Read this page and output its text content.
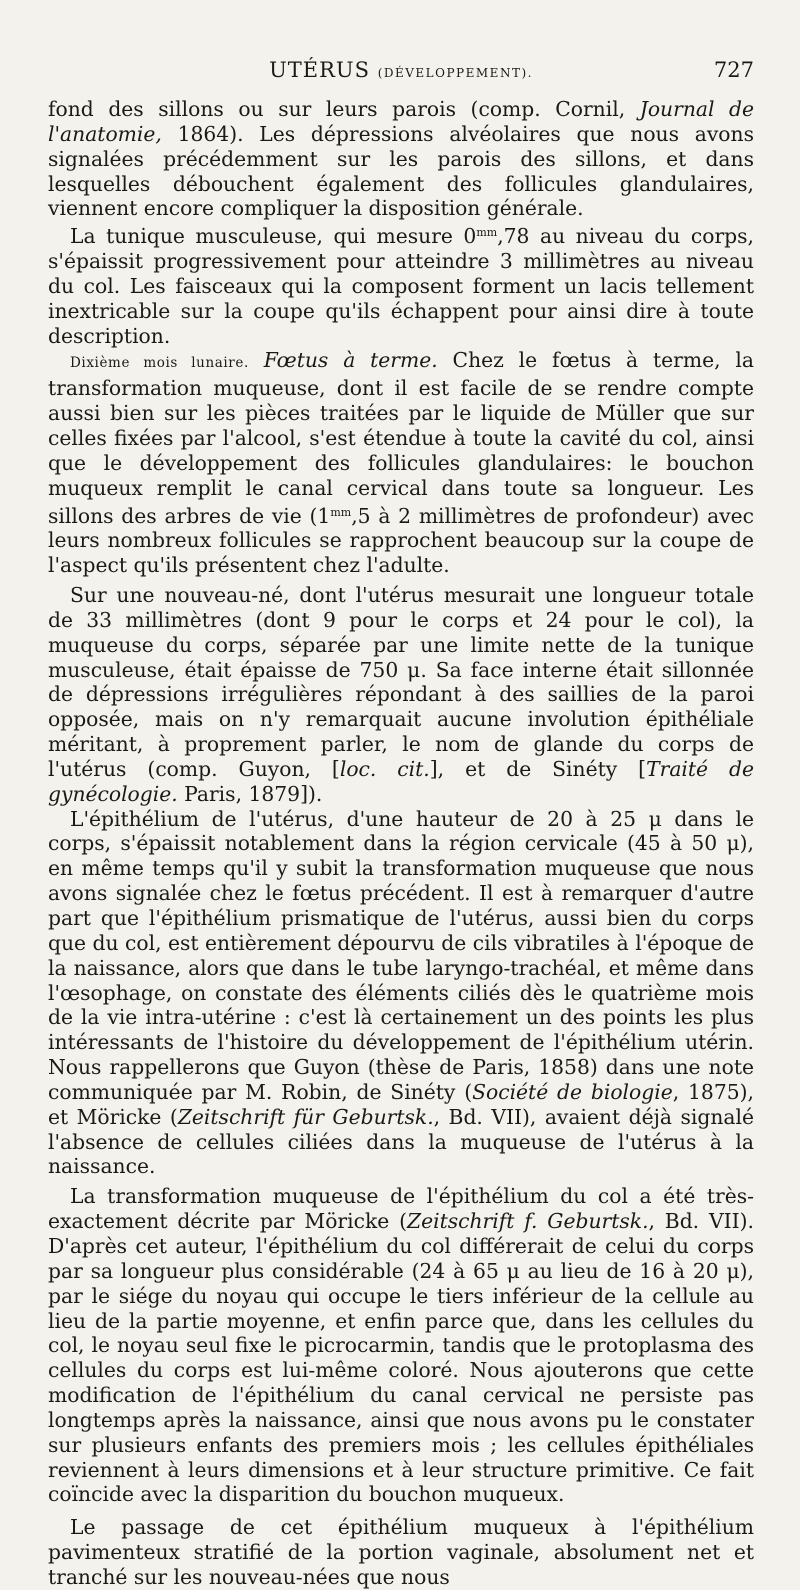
UTÉRUS (DÉVELOPPEMENT).	727

fond des sillons ou sur leurs parois (comp. Cornil, Journal de l'anatomie, 1864). Les dépressions alvéolaires que nous avons signalées précédemment sur les parois des sillons, et dans lesquelles débouchent également des follicules glandulaires, viennent encore compliquer la disposition générale.

La tunique musculeuse, qui mesure $0^{mm},78$ au niveau du corps, s'épaissit progressivement pour atteindre 3 millimètres au niveau du col. Les faisceaux qui la composent forment un lacis tellement inextricable sur la coupe qu'ils échappent pour ainsi dire à toute description.

Dixième mois lunaire. Fœtus à terme. Chez le fœtus à terme, la transformation muqueuse, dont il est facile de se rendre compte aussi bien sur les pièces traitées par le liquide de Müller que sur celles fixées par l'alcool, s'est étendue à toute la cavité du col, ainsi que le développement des follicules glandulaires: le bouchon muqueux remplit le canal cervical dans toute sa longueur. Les sillons des arbres de vie ($1^{mm},5$ à 2 millimètres de profondeur) avec leurs nombreux follicules se rapprochent beaucoup sur la coupe de l'aspect qu'ils présentent chez l'adulte.

Sur une nouveau-né, dont l'utérus mesurait une longueur totale de 33 millimètres (dont 9 pour le corps et 24 pour le col), la muqueuse du corps, séparée par une limite nette de la tunique musculeuse, était épaisse de 750 μ. Sa face interne était sillonnée de dépressions irrégulières répondant à des saillies de la paroi opposée, mais on n'y remarquait aucune involution épithéliale méritant, à proprement parler, le nom de glande du corps de l'utérus (comp. Guyon, [loc. cit.], et de Sinéty [Traité de gynécologie. Paris, 1879]).

L'épithélium de l'utérus, d'une hauteur de 20 à 25 μ dans le corps, s'épaissit notablement dans la région cervicale (45 à 50 μ), en même temps qu'il y subit la transformation muqueuse que nous avons signalée chez le fœtus précédent. Il est à remarquer d'autre part que l'épithélium prismatique de l'utérus, aussi bien du corps que du col, est entièrement dépourvu de cils vibratiles à l'époque de la naissance, alors que dans le tube laryngo-trachéal, et même dans l'œsophage, on constate des éléments ciliés dès le quatrième mois de la vie intra-utérine : c'est là certainement un des points les plus intéressants de l'histoire du développement de l'épithélium utérin. Nous rappellerons que Guyon (thèse de Paris, 1858) dans une note communiquée par M. Robin, de Sinéty (Société de biologie, 1875), et Möricke (Zeitschrift für Geburtsk., Bd. VII), avaient déjà signalé l'absence de cellules ciliées dans la muqueuse de l'utérus à la naissance.

La transformation muqueuse de l'épithélium du col a été très-exactement décrite par Möricke (Zeitschrift f. Geburtsk., Bd. VII). D'après cet auteur, l'épithélium du col différerait de celui du corps par sa longueur plus considérable (24 à 65 μ au lieu de 16 à 20 μ), par le siége du noyau qui occupe le tiers inférieur de la cellule au lieu de la partie moyenne, et enfin parce que, dans les cellules du col, le noyau seul fixe le picrocarmin, tandis que le protoplasma des cellules du corps est lui-même coloré. Nous ajouterons que cette modification de l'épithélium du canal cervical ne persiste pas longtemps après la naissance, ainsi que nous avons pu le constater sur plusieurs enfants des premiers mois ; les cellules épithéliales reviennent à leurs dimensions et à leur structure primitive. Ce fait coïncide avec la disparition du bouchon muqueux.

Le passage de cet épithélium muqueux à l'épithélium pavimenteux stratifié de la portion vaginale, absolument net et tranché sur les nouveau-nées que nous
